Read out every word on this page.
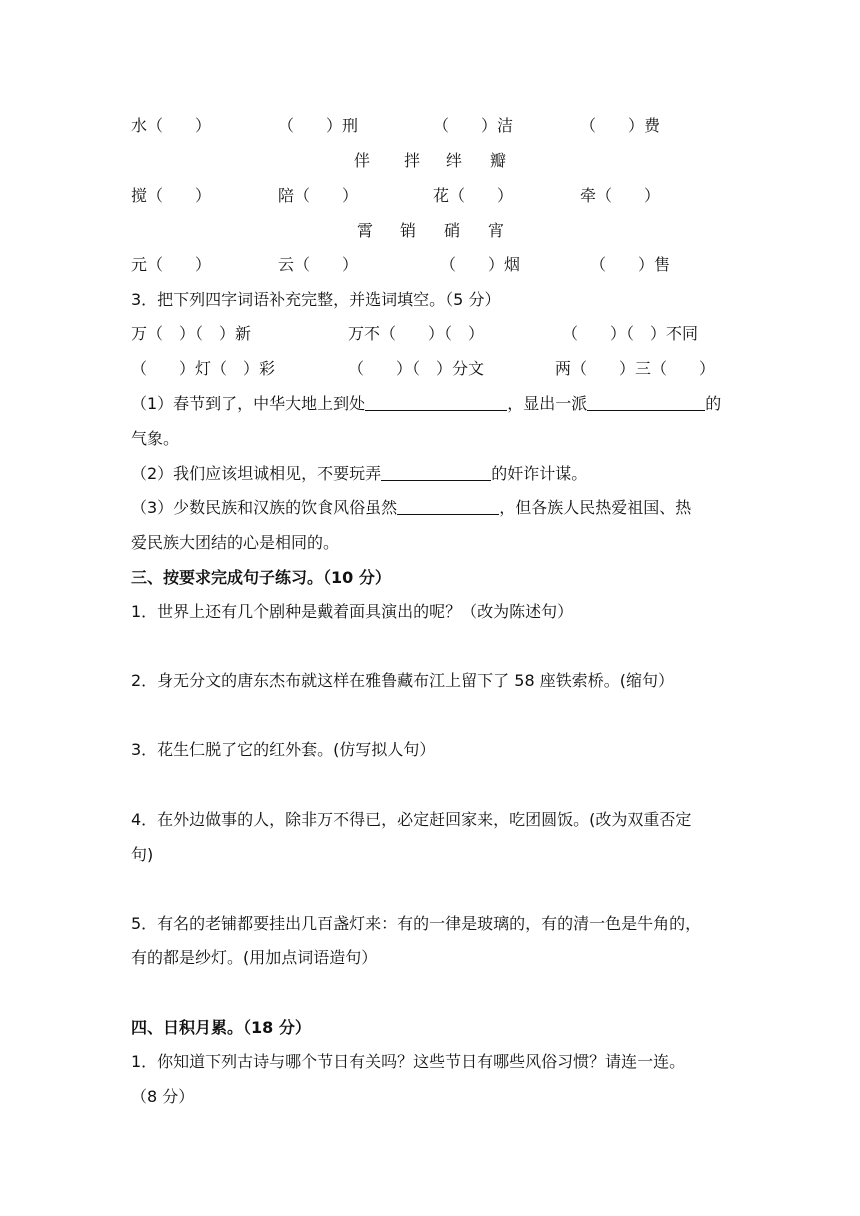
水（　　）	（　　）刑	（　　）洁	（　　）费
伴 拌 绊 瓣
搅（　　）	陪（　　）	花（　　）	牵（　　）
霄 销 硝 宵
元（　　）	云（　　）	（　　）烟	（　　）售
3．把下列四字词语补充完整，并选词填空。（5 分）
万（　）（　）新	万不（　　）（　）	（　　）（　）不同
（　　）灯（　）彩	（　　）（　）分文	两（　　）三（　　）
（1）春节到了，中华大地上到处	，显出一派	的
气象。
（2）我们应该坦诚相见，不要玩弄	的奸诈计谋。
（3）少数民族和汉族的饮食风俗虽然	，但各族人民热爱祖国、热
爱民族大团结的心是相同的。
三、按要求完成句子练习。（10 分）
1．世界上还有几个剧种是戴着面具演出的呢？（改为陈述句）
2．身无分文的唐东杰布就这样在雅鲁藏布江上留下了 58 座铁索桥。(缩句）
3．花生仁脱了它的红外套。(仿写拟人句）
4．在外边做事的人，除非万不得已，必定赶回家来，吃团圆饭。(改为双重否定
句)
5．有名的老铺都要挂出几百盏灯来：有的一律是玻璃的，有的清一色是牛角的，
有的都是纱灯。(用加点词语造句）
四、日积月累。（18 分）
1．你知道下列古诗与哪个节日有关吗？这些节日有哪些风俗习惯？请连一连。
（8 分）
